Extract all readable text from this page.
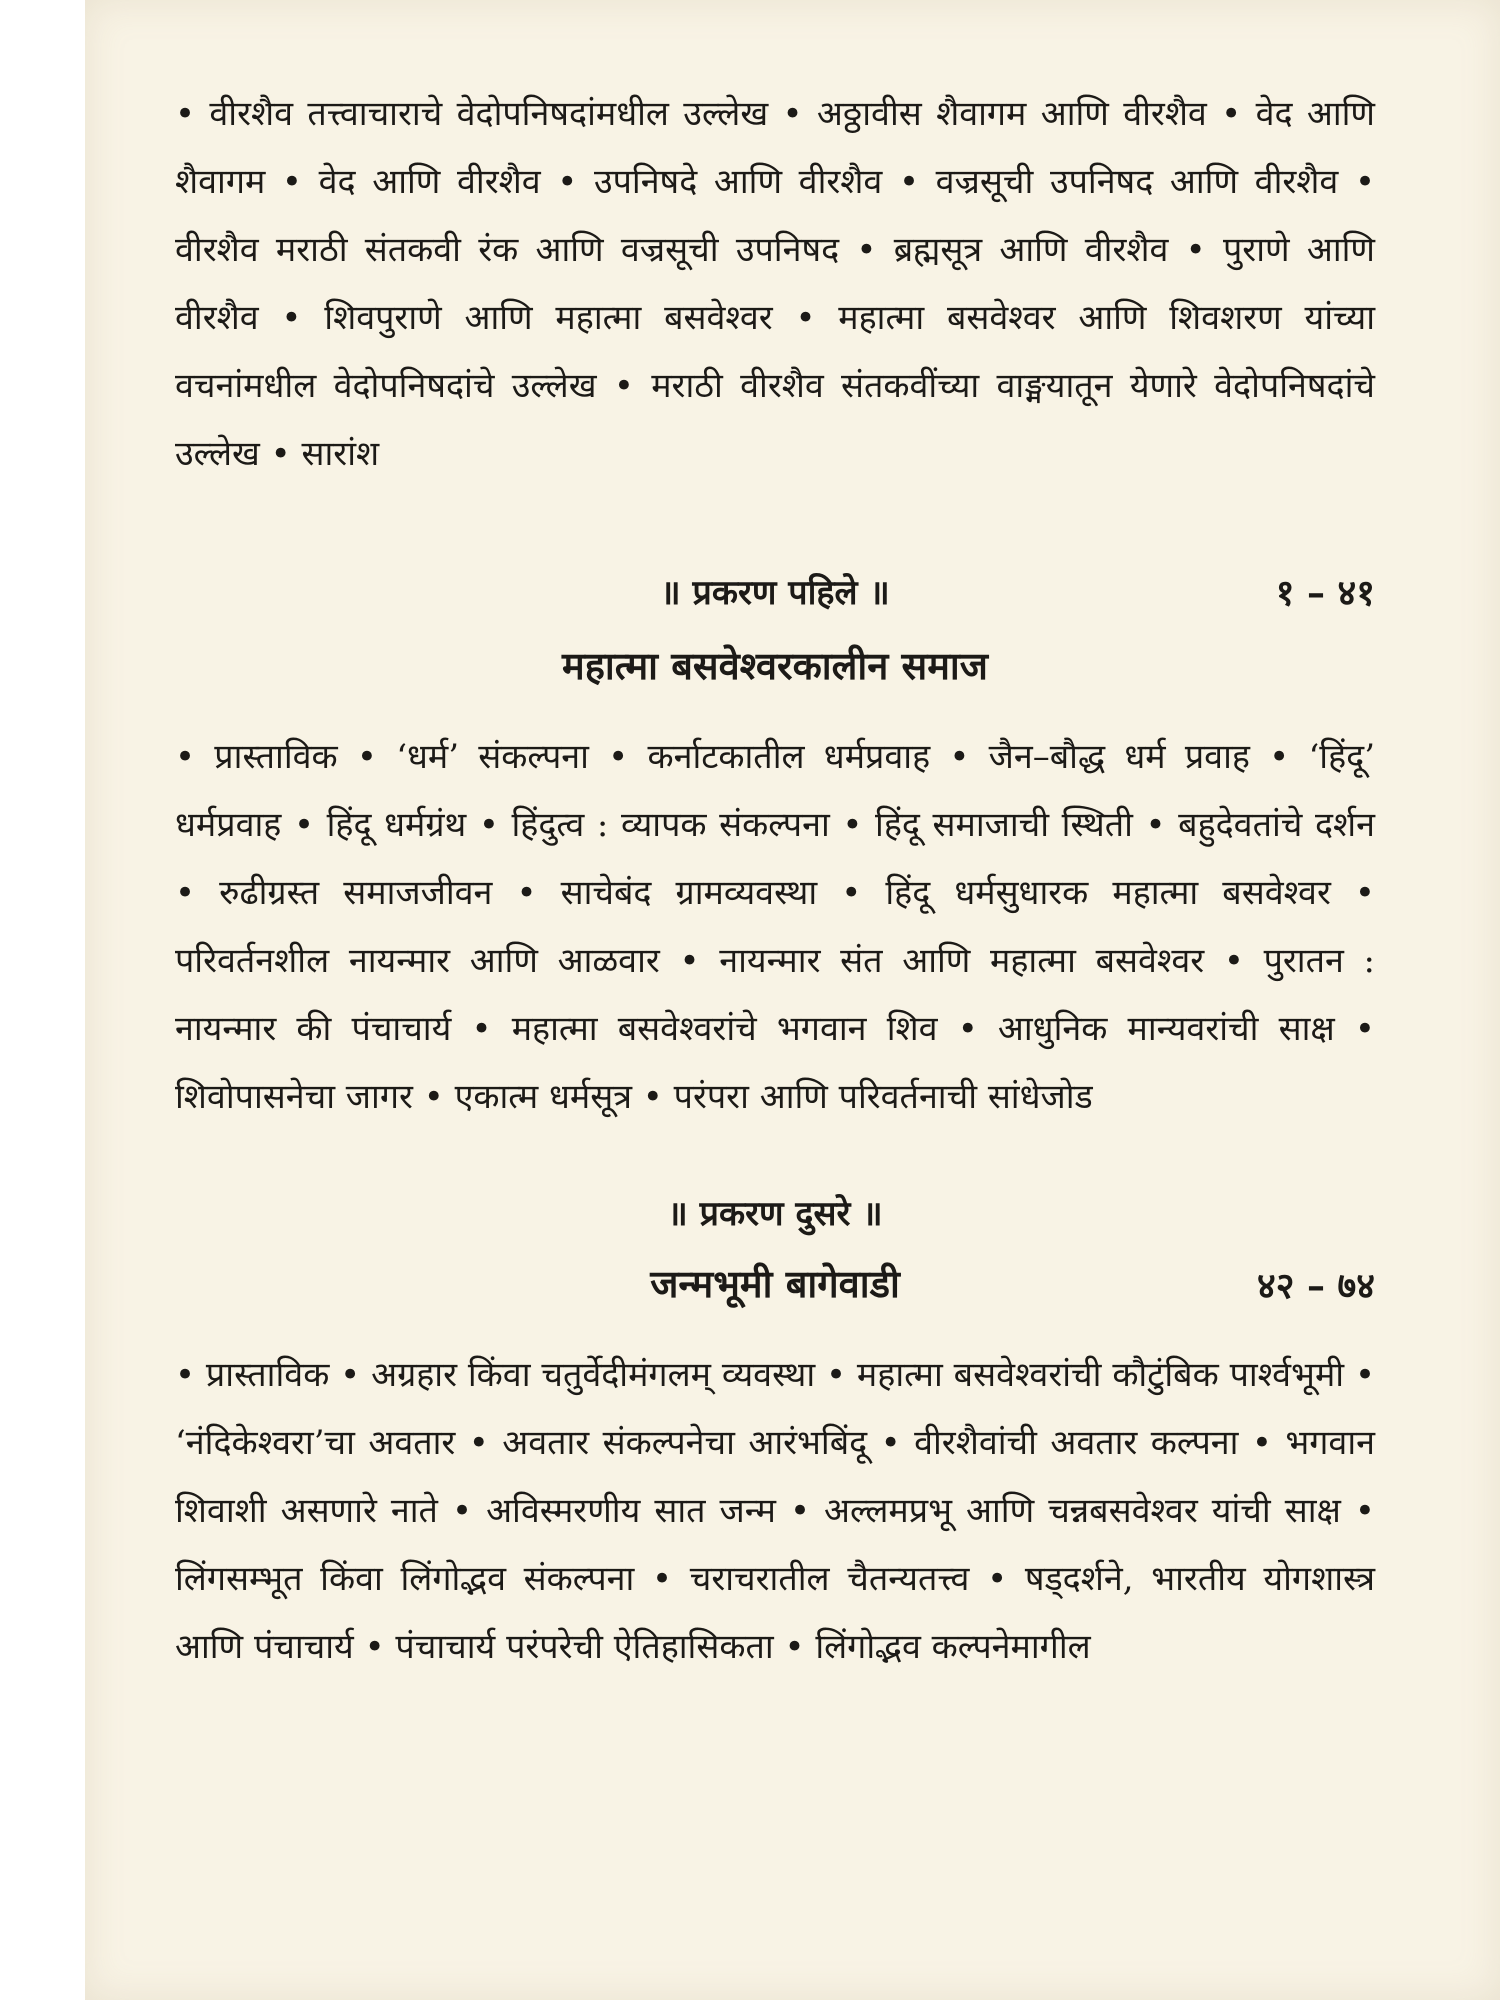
• वीरशैव तत्त्वाचाराचे वेदोपनिषदांमधील उल्लेख • अठ्ठावीस शैवागम आणि वीरशैव • वेद आणि शैवागम • वेद आणि वीरशैव • उपनिषदे आणि वीरशैव • वज्रसूची उपनिषद आणि वीरशैव • वीरशैव मराठी संतकवी रंक आणि वज्रसूची उपनिषद • ब्रह्मसूत्र आणि वीरशैव • पुराणे आणि वीरशैव • शिवपुराणे आणि महात्मा बसवेश्वर • महात्मा बसवेश्वर आणि शिवशरण यांच्या वचनांमधील वेदोपनिषदांचे उल्लेख • मराठी वीरशैव संतकवींच्या वाङ्मयातून येणारे वेदोपनिषदांचे उल्लेख • सारांश

॥ प्रकरण पहिले ॥	१ – ४१
महात्मा बसवेश्वरकालीन समाज

• प्रास्ताविक • ‘धर्म’ संकल्पना • कर्नाटकातील धर्मप्रवाह • जैन–बौद्ध धर्म प्रवाह • ‘हिंदू’ धर्मप्रवाह • हिंदू धर्मग्रंथ • हिंदुत्व : व्यापक संकल्पना • हिंदू समाजाची स्थिती • बहुदेवतांचे दर्शन • रुढीग्रस्त समाजजीवन • साचेबंद ग्रामव्यवस्था • हिंदू धर्मसुधारक महात्मा बसवेश्वर • परिवर्तनशील नायन्मार आणि आळवार • नायन्मार संत आणि महात्मा बसवेश्वर • पुरातन : नायन्मार की पंचाचार्य • महात्मा बसवेश्वरांचे भगवान शिव • आधुनिक मान्यवरांची साक्ष • शिवोपासनेचा जागर • एकात्म धर्मसूत्र • परंपरा आणि परिवर्तनाची सांधेजोड

॥ प्रकरण दुसरे ॥
जन्मभूमी बागेवाडी	४२ – ७४

• प्रास्ताविक • अग्रहार किंवा चतुर्वेदीमंगलम् व्यवस्था • महात्मा बसवेश्वरांची कौटुंबिक पार्श्वभूमी • ‘नंदिकेश्वरा’चा अवतार • अवतार संकल्पनेचा आरंभबिंदू • वीरशैवांची अवतार कल्पना • भगवान शिवाशी असणारे नाते • अविस्मरणीय सात जन्म • अल्लमप्रभू आणि चन्नबसवेश्वर यांची साक्ष • लिंगसम्भूत किंवा लिंगोद्भव संकल्पना • चराचरातील चैतन्यतत्त्व • षड्दर्शने, भारतीय योगशास्त्र आणि पंचाचार्य • पंचाचार्य परंपरेची ऐतिहासिकता • लिंगोद्भव कल्पनेमागील
